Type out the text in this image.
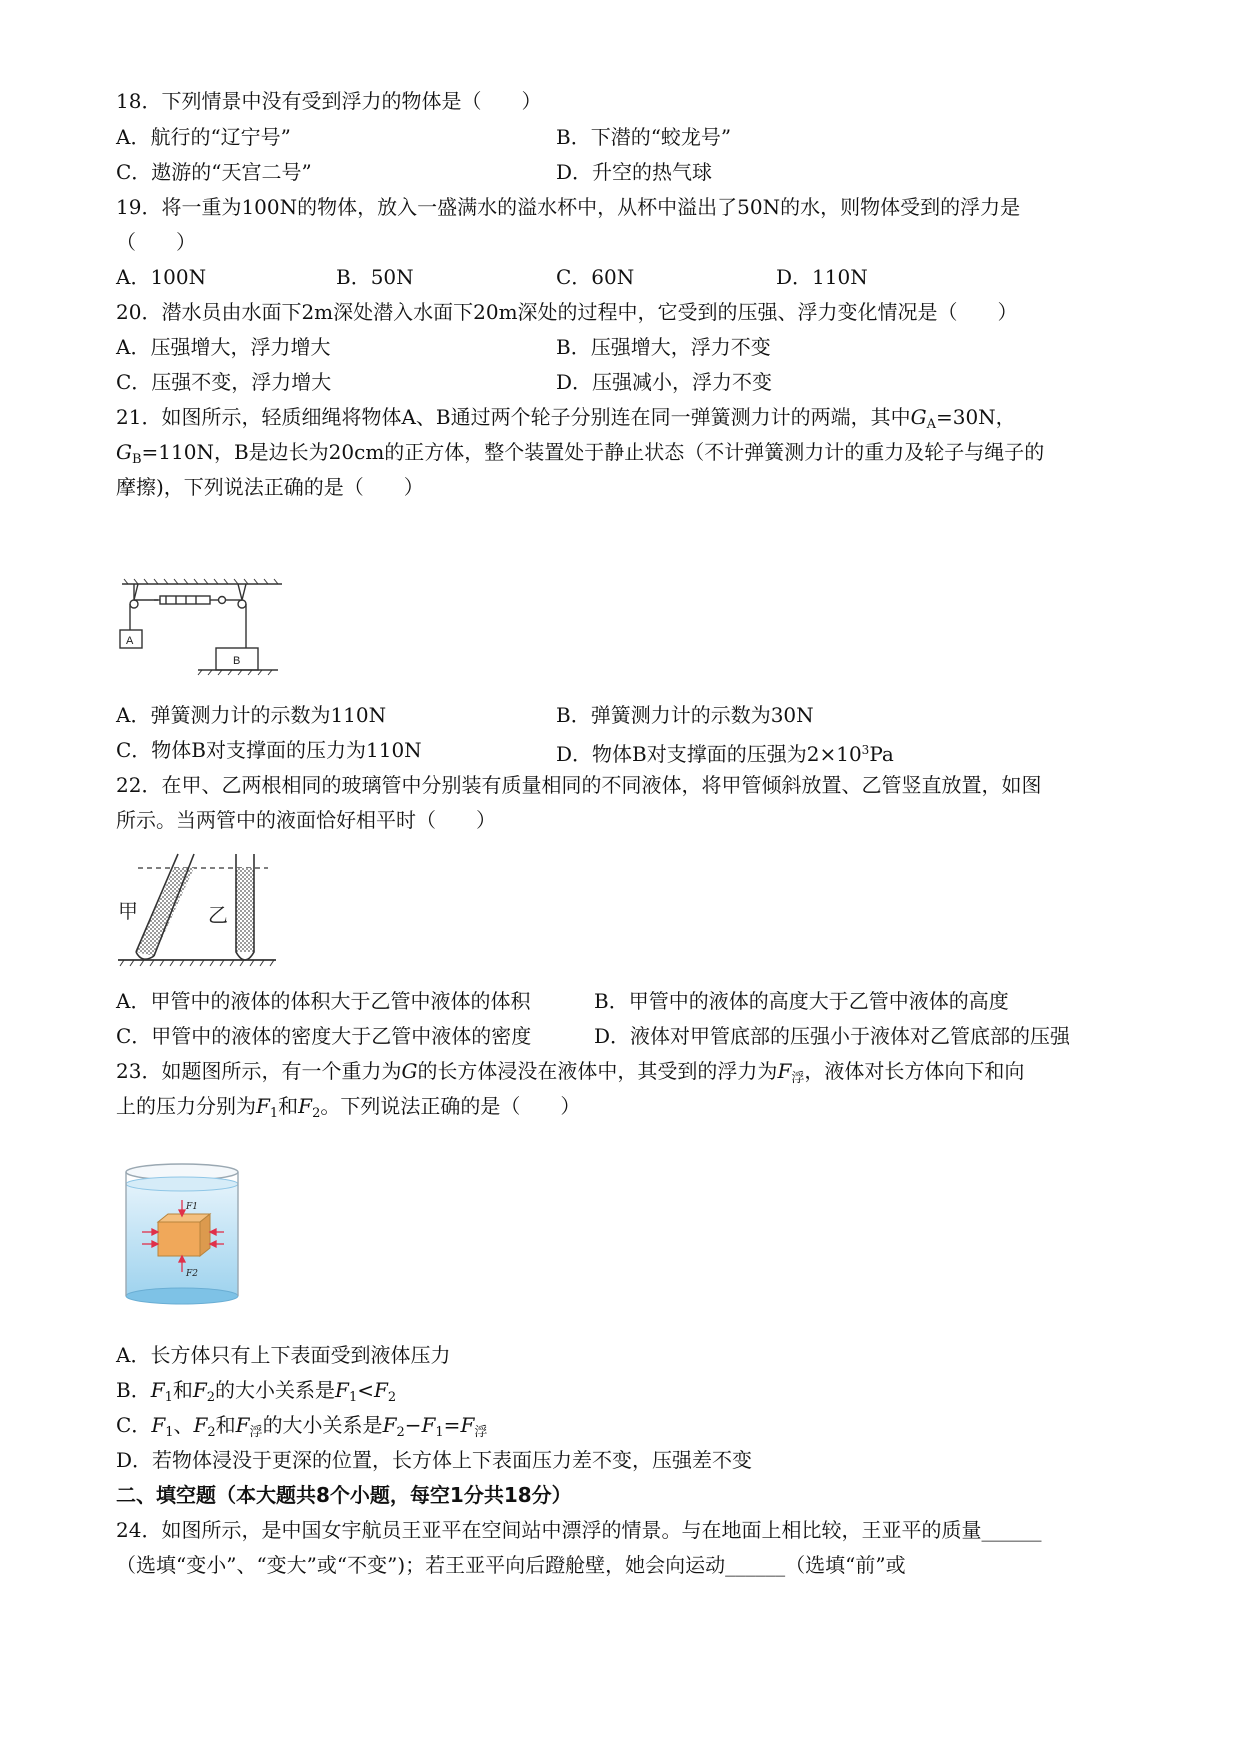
18．下列情景中没有受到浮力的物体是（　　）
A．航行的“辽宁号”	B．下潜的“蛟龙号”
C．遨游的“天宫二号”	D．升空的热气球
19．将一重为100N的物体，放入一盛满水的溢水杯中，从杯中溢出了50N的水，则物体受到的浮力是
（　　）
A．100N	B．50N	C．60N	D．110N
20．潜水员由水面下2m深处潜入水面下20m深处的过程中，它受到的压强、浮力变化情况是（　　）
A．压强增大，浮力增大	B．压强增大，浮力不变
C．压强不变，浮力增大	D．压强减小，浮力不变
21．如图所示，轻质细绳将物体A、B通过两个轮子分别连在同一弹簧测力计的两端，其中$G_A=30N$，
$G_B=110N$，B是边长为20cm的正方体，整个装置处于静止状态（不计弹簧测力计的重力及轮子与绳子的
摩擦)，下列说法正确的是（　　）
A
B
A．弹簧测力计的示数为110N	B．弹簧测力计的示数为30N
C．物体B对支撑面的压力为110N	D．物体B对支撑面的压强为$2\times 10^3Pa$
22．在甲、乙两根相同的玻璃管中分别装有质量相同的不同液体，将甲管倾斜放置、乙管竖直放置，如图
所示。当两管中的液面恰好相平时（　　）
甲	乙
A．甲管中的液体的体积大于乙管中液体的体积	B．甲管中的液体的高度大于乙管中液体的高度
C．甲管中的液体的密度大于乙管中液体的密度	D．液体对甲管底部的压强小于液体对乙管底部的压强
23．如题图所示，有一个重力为G的长方体浸没在液体中，其受到的浮力为$F_浮$，液体对长方体向下和向
上的压力分别为$F_1$和$F_2$。下列说法正确的是（　　）
F1
F2
A．长方体只有上下表面受到液体压力
B．$F_1$和$F_2$的大小关系是$F_1<F_2$
C．$F_1$、$F_2$和$F_浮$的大小关系是$F_2-F_1=F_浮$
D．若物体浸没于更深的位置，长方体上下表面压力差不变，压强差不变
二、填空题（本大题共8个小题，每空1分共18分）
24．如图所示，是中国女宇航员王亚平在空间站中漂浮的情景。与在地面上相比较，王亚平的质量______
（选填“变小”、“变大”或“不变”)；若王亚平向后蹬舱壁，她会向运动______（选填“前”或
